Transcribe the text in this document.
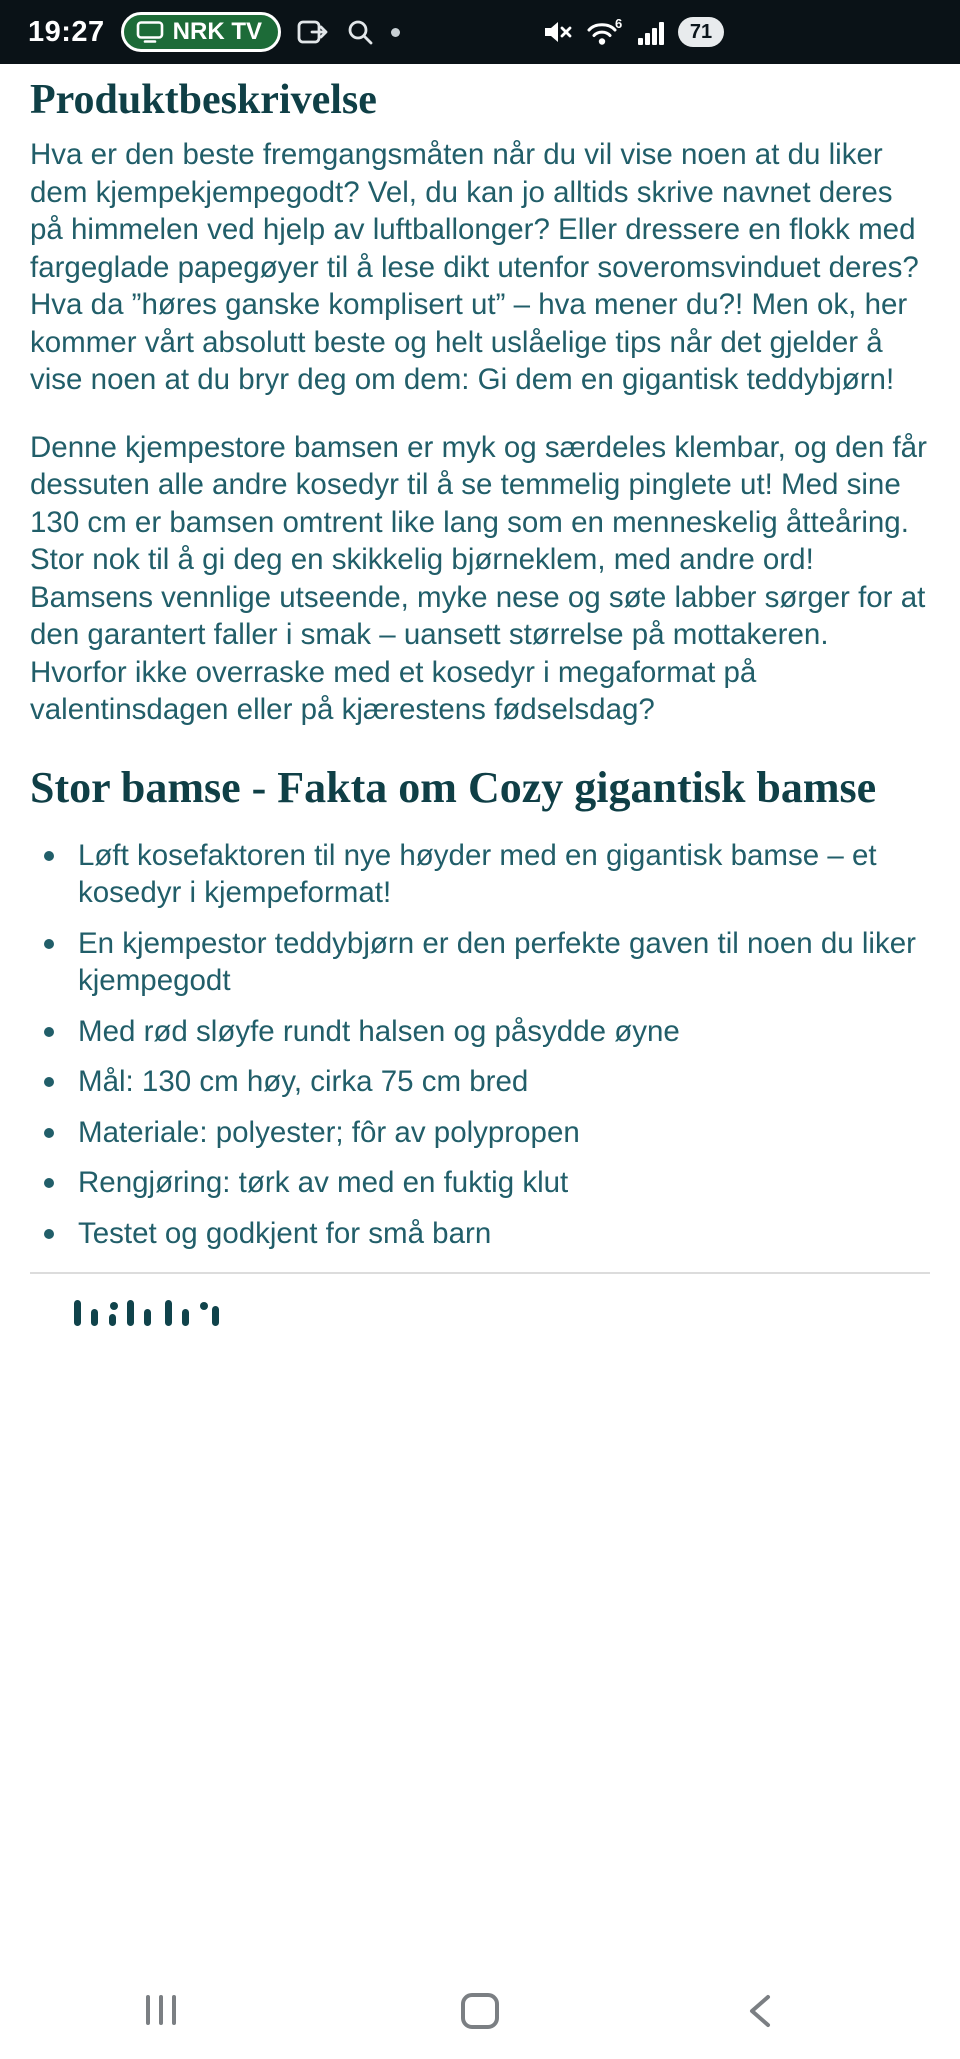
19:27	NRK TV	6	71
Produktbeskrivelse

Hva er den beste fremgangsmåten når du vil vise noen at du liker dem kjempekjempegodt? Vel, du kan jo alltids skrive navnet deres på himmelen ved hjelp av luftballonger? Eller dressere en flokk med fargeglade papegøyer til å lese dikt utenfor soveromsvinduet deres? Hva da ”høres ganske komplisert ut” – hva mener du?! Men ok, her kommer vårt absolutt beste og helt uslåelige tips når det gjelder å vise noen at du bryr deg om dem: Gi dem en gigantisk teddybjørn!

Denne kjempestore bamsen er myk og særdeles klembar, og den får dessuten alle andre kosedyr til å se temmelig pinglete ut! Med sine 130 cm er bamsen omtrent like lang som en menneskelig åtteåring. Stor nok til å gi deg en skikkelig bjørneklem, med andre ord! Bamsens vennlige utseende, myke nese og søte labber sørger for at den garantert faller i smak – uansett størrelse på mottakeren. Hvorfor ikke overraske med et kosedyr i megaformat på valentinsdagen eller på kjærestens fødselsdag?

Stor bamse - Fakta om Cozy gigantisk bamse
Løft kosefaktoren til nye høyder med en gigantisk bamse – et kosedyr i kjempeformat!
En kjempestor teddybjørn er den perfekte gaven til noen du liker kjempegodt
Med rød sløyfe rundt halsen og påsydde øyne
Mål: 130 cm høy, cirka 75 cm bred
Materiale: polyester; fôr av polypropen
Rengjøring: tørk av med en fuktig klut
Testet og godkjent for små barn
